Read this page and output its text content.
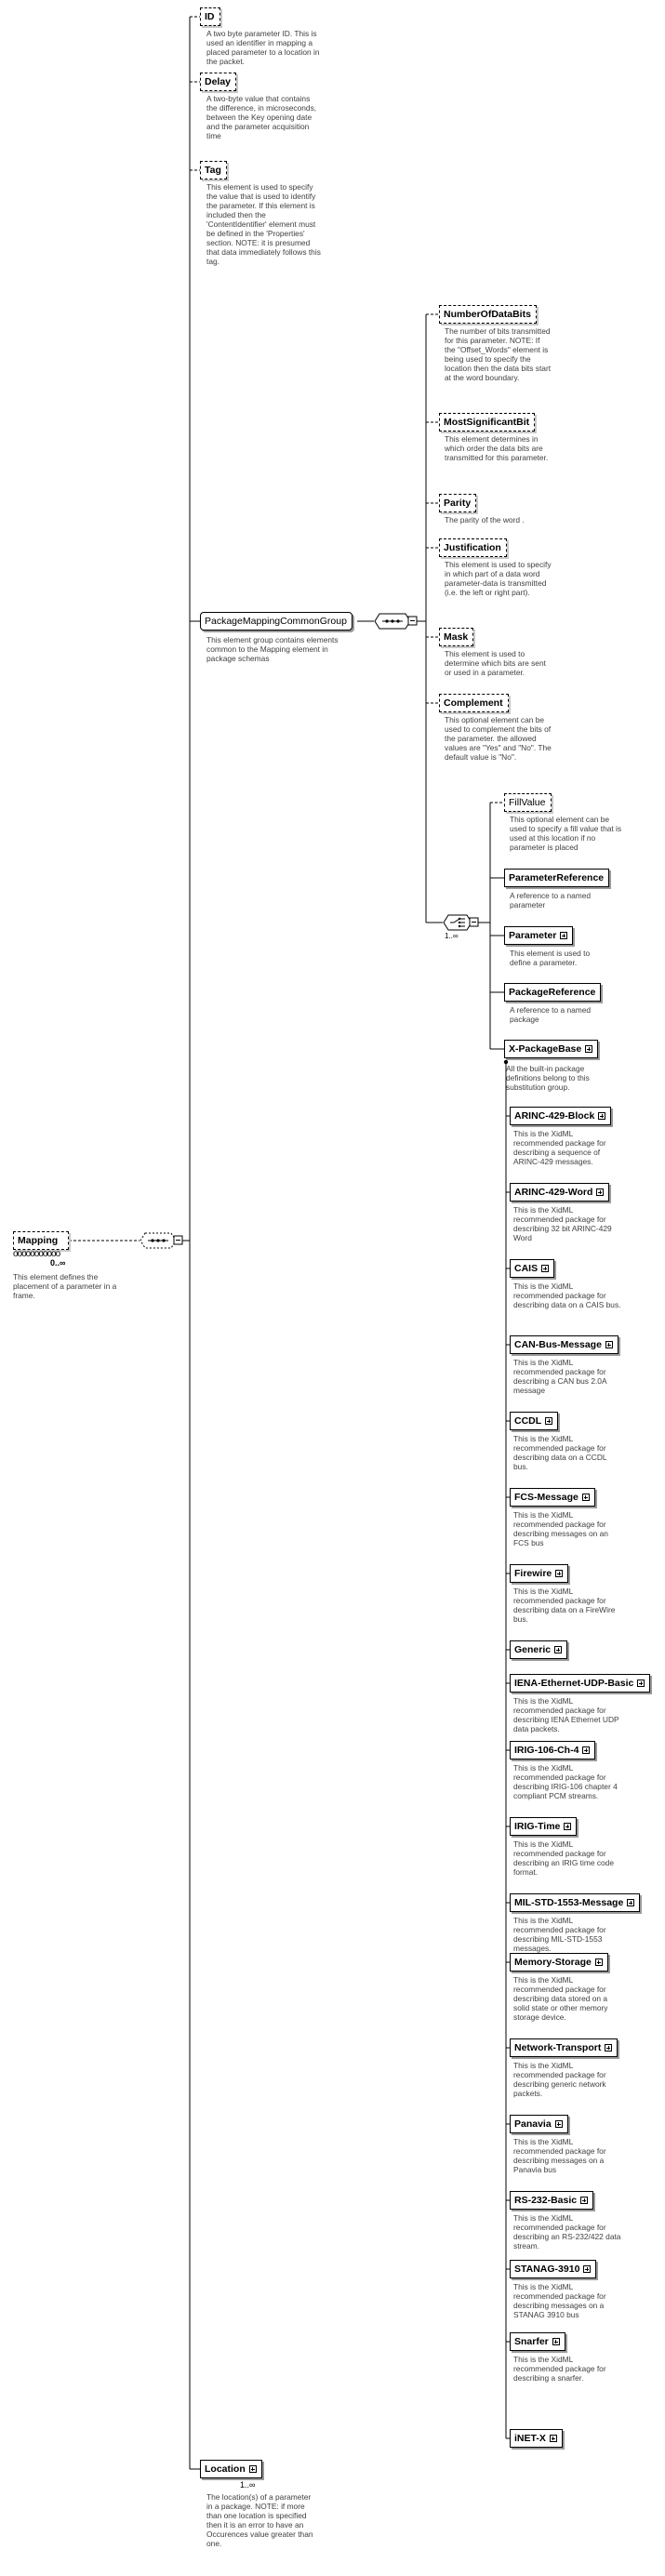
Mapping
ooooooooooo
0..∞
This element defines the placement of a parameter in a frame.
ID
A two byte parameter ID. This is used an identifier in mapping a placed parameter to a location in the packet.
Delay
A two-byte value that contains the difference, in microseconds, between the Key opening date and the parameter acquisition time
Tag
This element is used to specify the value that is used to identify the parameter. If this element is included then the 'ContentIdentifier' element must be defined in the 'Properties' section. NOTE: it is presumed that data immediately follows this tag.
PackageMappingCommonGroup
This element group contains elements common to the Mapping element in package schemas
NumberOfDataBits
The number of bits transmitted for this parameter. NOTE: If the "Offset_Words" element is being used to specify the location then the data bits start at the word boundary.
MostSignificantBit
This element determines in which order the data bits are transmitted for this parameter.
Parity
The parity of the word .
Justification
This element is used to specify in which part of a data word parameter-data is transmitted (i.e. the left or right part).
Mask
This element is used to determine which bits are sent or used in a parameter.
Complement
This optional element can be used to complement the bits of the parameter. the allowed values are "Yes" and "No". The default value is "No".
1..∞
FillValue
This optional element can be used to specify a fill value that is used at this location if no parameter is placed
ParameterReference
A reference to a named parameter
Parameter
This element is used to define a parameter.
PackageReference
A reference to a named package
X-PackageBase
All the built-in package definitions belong to this substitution group.
ARINC-429-Block
This is the XidML recommended package for describing a sequence of ARINC-429 messages.
ARINC-429-Word
This is the XidML recommended package for describing 32 bit ARINC-429 Word
CAIS
This is the XidML recommended package for describing data on a CAIS bus.
CAN-Bus-Message
This is the XidML recommended package for describing a CAN bus 2.0A message
CCDL
This is the XidML recommended package for describing data on a CCDL bus.
FCS-Message
This is the XidML recommended package for describing messages on an FCS bus
Firewire
This is the XidML recommended package for describing data on a FireWire bus.
Generic
IENA-Ethernet-UDP-Basic
This is the XidML recommended package for describing IENA Ethernet UDP data packets.
IRIG-106-Ch-4
This is the XidML recommended package for describing IRIG-106 chapter 4 compliant PCM streams.
IRIG-Time
This is the XidML recommended package for describing an IRIG time code format.
MIL-STD-1553-Message
This is the XidML recommended package for describing MIL-STD-1553 messages.
Memory-Storage
This is the XidML recommended package for describing data stored on a solid state or other memory storage device.
Network-Transport
This is the XidML recommended package for describing generic network packets.
Panavia
This is the XidML recommended package for describing messages on a Panavia bus
RS-232-Basic
This is the XidML recommended package for describing an RS-232/422 data stream.
STANAG-3910
This is the XidML recommended package for describing messages on a STANAG 3910 bus
Snarfer
This is the XidML recommended package for describing a snarfer.
iNET-X
Location
1..∞
The location(s) of a parameter in a package. NOTE: if more than one location is specified then it is an error to have an Occurences value greater than one.
